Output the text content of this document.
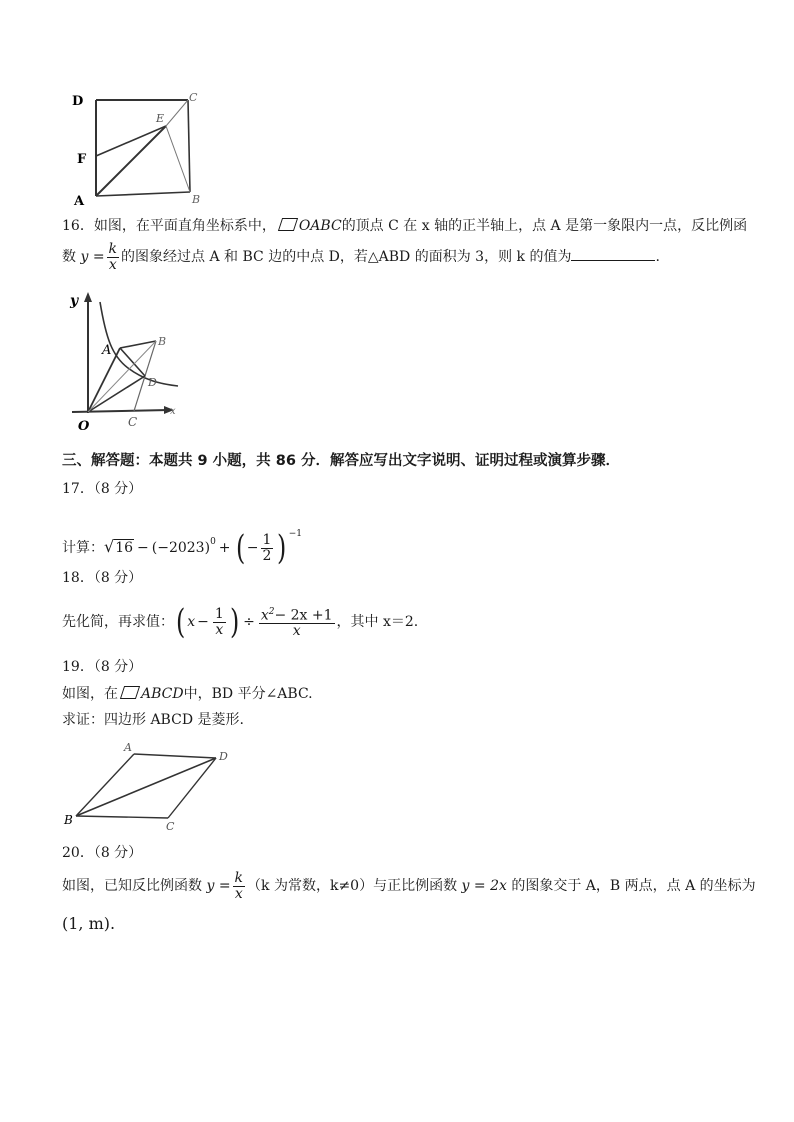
D	C
E
F
A	B
16．如图，在平面直角坐标系中， OABC的顶点 C 在 x 轴的正半轴上，点 A 是第一象限内一点，反比例函
数 $y = \frac{k}{x}$ 的图象经过点 A 和 BC 边的中点 D，若△ABD 的面积为 3，则 k 的值为	.
y
A
B
D
O	C
x
三、解答题：本题共 9 小题，共 86 分．解答应写出文字说明、证明过程或演算步骤．
17．（8 分）
计算：$√16 - (-2023)^0$ + ( − $\frac{1}{2}$ ) $^{-1}$
18．（8 分）
先化简，再求值：( $x - \frac{1}{x}$ ) ÷ $\frac{x^2- 2x +1}{x}$ ，其中 x＝2.
19．（8 分）
如图，在 ABCD中，BD 平分∠ABC.
求证：四边形 ABCD 是菱形.
A
D
B	C
20．（8 分）
如图，已知反比例函数 $y = \frac{k}{x} (k$ 为常数，k≠0）与正比例函数 y = 2x 的图象交于 A，B 两点，点 A 的坐标为
(1, m).
